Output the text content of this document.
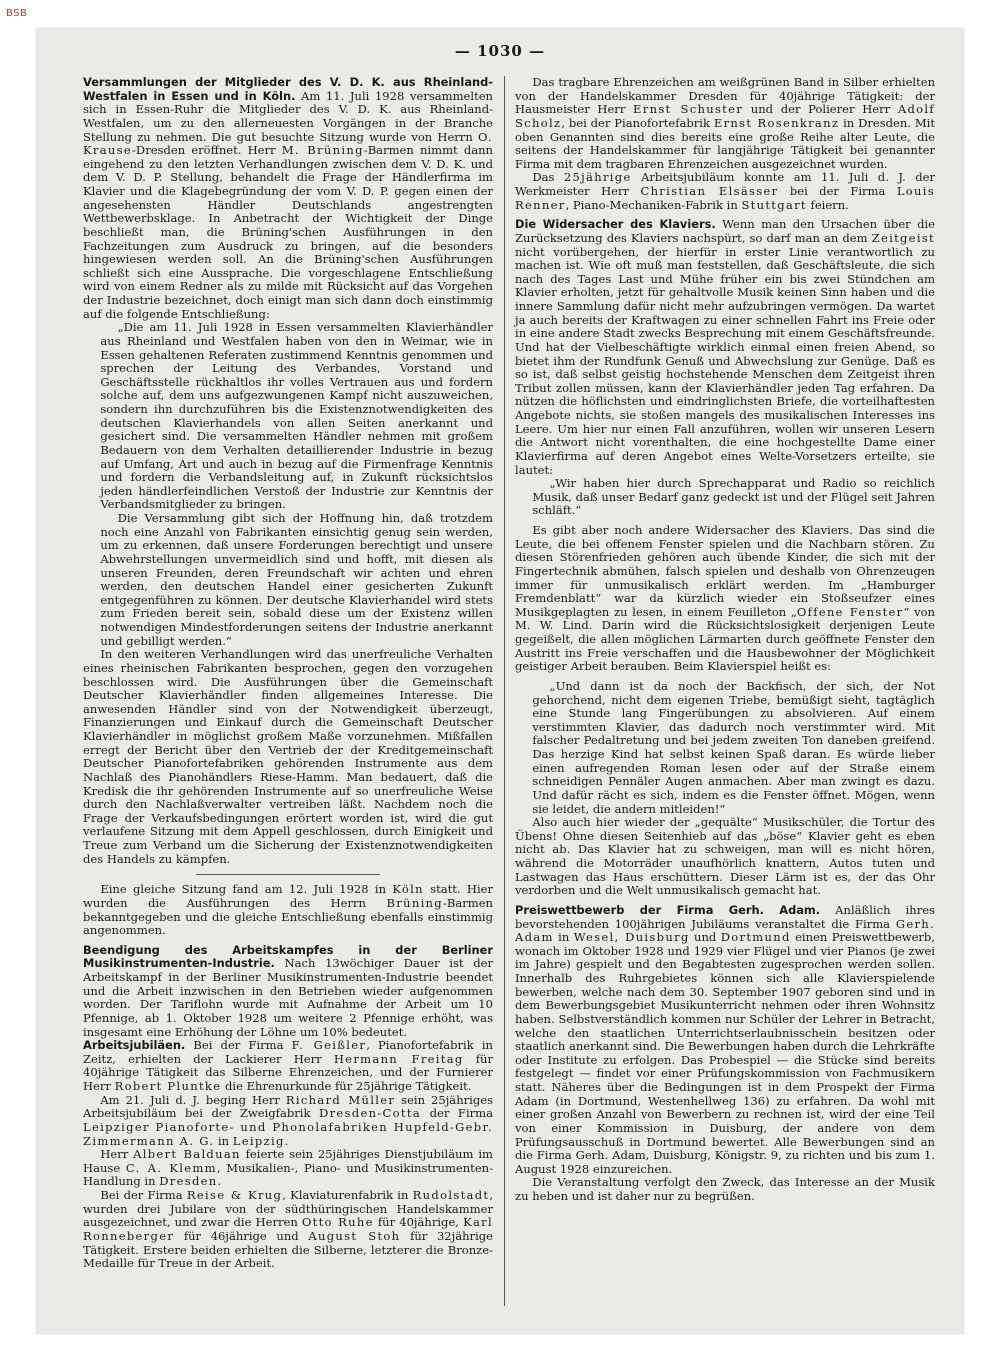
BSB
— 1030 —

Versammlungen der Mitglieder des V. D. K. aus Rheinland-Westfalen in Essen und in Köln. Am 11. Juli 1928 versammelten sich in Essen-Ruhr die Mitglieder des V. D. K. aus Rheinland-Westfalen, um zu den allerneuesten Vorgängen in der Branche Stellung zu nehmen. Die gut besuchte Sitzung wurde von Herrn O. Krause-Dresden eröffnet. Herr M. Brüning-Barmen nimmt dann eingehend zu den letzten Verhandlungen zwischen dem V. D. K. und dem V. D. P. Stellung, behandelt die Frage der Händlerfirma im Klavier und die Klagebegründung der vom V. D. P. gegen einen der angesehensten Händler Deutschlands angestrengten Wettbewerbsklage. In Anbetracht der Wichtigkeit der Dinge beschließt man, die Brüning'schen Ausführungen in den Fachzeitungen zum Ausdruck zu bringen, auf die besonders hingewiesen werden soll. An die Brüning'schen Ausführungen schließt sich eine Aussprache. Die vorgeschlagene Entschließung wird von einem Redner als zu milde mit Rücksicht auf das Vorgehen der Industrie bezeichnet, doch einigt man sich dann doch einstimmig auf die folgende Entschließung:

„Die am 11. Juli 1928 in Essen versammelten Klavierhändler aus Rheinland und Westfalen haben von den in Weimar, wie in Essen gehaltenen Referaten zustimmend Kenntnis genommen und sprechen der Leitung des Verbandes, Vorstand und Geschäftsstelle rückhaltlos ihr volles Vertrauen aus und fordern solche auf, dem uns aufgezwungenen Kampf nicht auszuweichen, sondern ihn durchzuführen bis die Existenznotwendigkeiten des deutschen Klavierhandels von allen Seiten anerkannt und gesichert sind. Die versammelten Händler nehmen mit großem Bedauern von dem Verhalten detaillierender Industrie in bezug auf Umfang, Art und auch in bezug auf die Firmenfrage Kenntnis und fordern die Verbandsleitung auf, in Zukunft rücksichtslos jeden händlerfeindlichen Verstoß der Industrie zur Kenntnis der Verbandsmitglieder zu bringen.

Die Versammlung gibt sich der Hoffnung hin, daß trotzdem noch eine Anzahl von Fabrikanten einsichtig genug sein werden, um zu erkennen, daß unsere Forderungen berechtigt und unsere Abwehrstellungen unvermeidlich sind und hofft, mit diesen als unseren Freunden, deren Freundschaft wir achten und ehren werden, den deutschen Handel einer gesicherten Zukunft entgegenführen zu können. Der deutsche Klavierhandel wird stets zum Frieden bereit sein, sobald diese um der Existenz willen notwendigen Mindestforderungen seitens der Industrie anerkannt und gebilligt werden.“

In den weiteren Verhandlungen wird das unerfreuliche Verhalten eines rheinischen Fabrikanten besprochen, gegen den vorzugehen beschlossen wird. Die Ausführungen über die Gemeinschaft Deutscher Klavierhändler finden allgemeines Interesse. Die anwesenden Händler sind von der Notwendigkeit überzeugt, Finanzierungen und Einkauf durch die Gemeinschaft Deutscher Klavierhändler in möglichst großem Maße vorzunehmen. Mißfallen erregt der Bericht über den Vertrieb der der Kreditgemeinschaft Deutscher Pianofortefabriken gehörenden Instrumente aus dem Nachlaß des Pianohändlers Riese-Hamm. Man bedauert, daß die Kredisk die ihr gehörenden Instrumente auf so unerfreuliche Weise durch den Nachlaßverwalter vertreiben läßt. Nachdem noch die Frage der Verkaufsbedingungen erörtert worden ist, wird die gut verlaufene Sitzung mit dem Appell geschlossen, durch Einigkeit und Treue zum Verband um die Sicherung der Existenznotwendigkeiten des Handels zu kämpfen.

Eine gleiche Sitzung fand am 12. Juli 1928 in Köln statt. Hier wurden die Ausführungen des Herrn Brüning-Barmen bekanntgegeben und die gleiche Entschließung ebenfalls einstimmig angenommen.

Beendigung des Arbeitskampfes in der Berliner Musikinstrumenten-Industrie. Nach 13wöchiger Dauer ist der Arbeitskampf in der Berliner Musikinstrumenten-Industrie beendet und die Arbeit inzwischen in den Betrieben wieder aufgenommen worden. Der Tariflohn wurde mit Aufnahme der Arbeit um 10 Pfennige, ab 1. Oktober 1928 um weitere 2 Pfennige erhöht, was insgesamt eine Erhöhung der Löhne um 10% bedeutet.

Arbeitsjubiläen. Bei der Firma F. Geißler, Pianofortefabrik in Zeitz, erhielten der Lackierer Herr Hermann Freitag für 40jährige Tätigkeit das Silberne Ehrenzeichen, und der Furnierer Herr Robert Pluntke die Ehrenurkunde für 25jährige Tätigkeit.

Am 21. Juli d. J. beging Herr Richard Müller sein 25jähriges Arbeitsjubiläum bei der Zweigfabrik Dresden-Cotta der Firma Leipziger Pianoforte- und Phonolafabriken Hupfeld-Gebr. Zimmermann A. G. in Leipzig.

Herr Albert Balduan feierte sein 25jähriges Dienstjubiläum im Hause C. A. Klemm, Musikalien-, Piano- und Musikinstrumenten-Handlung in Dresden.

Bei der Firma Reise & Krug, Klaviaturenfabrik in Rudolstadt, wurden drei Jubilare von der südthüringischen Handelskammer ausgezeichnet, und zwar die Herren Otto Ruhe für 40jährige, Karl Ronneberger für 46jährige und August Stoh für 32jährige Tätigkeit. Erstere beiden erhielten die Silberne, letzterer die Bronze-Medaille für Treue in der Arbeit.

Das tragbare Ehrenzeichen am weißgrünen Band in Silber erhielten von der Handelskammer Dresden für 40jährige Tätigkeit: der Hausmeister Herr Ernst Schuster und der Polierer Herr Adolf Scholz, bei der Pianofortefabrik Ernst Rosenkranz in Dresden. Mit oben Genannten sind dies bereits eine große Reihe alter Leute, die seitens der Handelskammer für langjährige Tätigkeit bei genannter Firma mit dem tragbaren Ehrenzeichen ausgezeichnet wurden.

Das 25jährige Arbeitsjubiläum konnte am 11. Juli d. J. der Werkmeister Herr Christian Elsässer bei der Firma Louis Renner, Piano-Mechaniken-Fabrik in Stuttgart feiern.

Die Widersacher des Klaviers. Wenn man den Ursachen über die Zurücksetzung des Klaviers nachspürt, so darf man an dem Zeitgeist nicht vorübergehen, der hierfür in erster Linie verantwortlich zu machen ist. Wie oft muß man feststellen, daß Geschäftsleute, die sich nach des Tages Last und Mühe früher ein bis zwei Stündchen am Klavier erholten, jetzt für gehaltvolle Musik keinen Sinn haben und die innere Sammlung dafür nicht mehr aufzubringen vermögen. Da wartet ja auch bereits der Kraftwagen zu einer schnellen Fahrt ins Freie oder in eine andere Stadt zwecks Besprechung mit einem Geschäftsfreunde. Und hat der Vielbeschäftigte wirklich einmal einen freien Abend, so bietet ihm der Rundfunk Genuß und Abwechslung zur Genüge. Daß es so ist, daß selbst geistig hochstehende Menschen dem Zeitgeist ihren Tribut zollen müssen, kann der Klavierhändler jeden Tag erfahren. Da nützen die höflichsten und eindringlichsten Briefe, die vorteilhaftesten Angebote nichts, sie stoßen mangels des musikalischen Interesses ins Leere. Um hier nur einen Fall anzuführen, wollen wir unseren Lesern die Antwort nicht vorenthalten, die eine hochgestellte Dame einer Klavierfirma auf deren Angebot eines Welte-Vorsetzers erteilte, sie lautet:

„Wir haben hier durch Sprechapparat und Radio so reichlich Musik, daß unser Bedarf ganz gedeckt ist und der Flügel seit Jahren schläft.“

Es gibt aber noch andere Widersacher des Klaviers. Das sind die Leute, die bei offenem Fenster spielen und die Nachbarn stören. Zu diesen Störenfrieden gehören auch übende Kinder, die sich mit der Fingertechnik abmühen, falsch spielen und deshalb von Ohrenzeugen immer für unmusikalisch erklärt werden. Im „Hamburger Fremdenblatt“ war da kürzlich wieder ein Stoßseufzer eines Musikgeplagten zu lesen, in einem Feuilleton „Offene Fenster“ von M. W. Lind. Darin wird die Rücksichtslosigkeit derjenigen Leute gegeißelt, die allen möglichen Lärmarten durch geöffnete Fenster den Austritt ins Freie verschaffen und die Hausbewohner der Möglichkeit geistiger Arbeit berauben. Beim Klavierspiel heißt es:

„Und dann ist da noch der Backfisch, der sich, der Not gehorchend, nicht dem eigenen Triebe, bemüßigt sieht, tagtäglich eine Stunde lang Fingerübungen zu absolvieren. Auf einem verstimmten Klavier, das dadurch noch verstimmter wird. Mit falscher Pedaltretung und bei jedem zweiten Ton daneben greifend. Das herzige Kind hat selbst keinen Spaß daran. Es würde lieber einen aufregenden Roman lesen oder auf der Straße einem schneidigen Pennäler Augen anmachen. Aber man zwingt es dazu. Und dafür rächt es sich, indem es die Fenster öffnet. Mögen, wenn sie leidet, die andern mitleiden!“

Also auch hier wieder der „gequälte“ Musikschüler, die Tortur des Übens! Ohne diesen Seitenhieb auf das „böse“ Klavier geht es eben nicht ab. Das Klavier hat zu schweigen, man will es nicht hören, während die Motorräder unaufhörlich knattern, Autos tuten und Lastwagen das Haus erschüttern. Dieser Lärm ist es, der das Ohr verdorben und die Welt unmusikalisch gemacht hat.

Preiswettbewerb der Firma Gerh. Adam. Anläßlich ihres bevorstehenden 100jährigen Jubiläums veranstaltet die Firma Gerh. Adam in Wesel, Duisburg und Dortmund einen Preiswettbewerb, wonach im Oktober 1928 und 1929 vier Flügel und vier Pianos (je zwei im Jahre) gespielt und den Begabtesten zugesprochen werden sollen. Innerhalb des Ruhrgebietes können sich alle Klavierspielende bewerben, welche nach dem 30. September 1907 geboren sind und in dem Bewerbungsgebiet Musikunterricht nehmen oder ihren Wohnsitz haben. Selbstverständlich kommen nur Schüler der Lehrer in Betracht, welche den staatlichen Unterrichtserlaubnisschein besitzen oder staatlich anerkannt sind. Die Bewerbungen haben durch die Lehrkräfte oder Institute zu erfolgen. Das Probespiel — die Stücke sind bereits festgelegt — findet vor einer Prüfungskommission von Fachmusikern statt. Näheres über die Bedingungen ist in dem Prospekt der Firma Adam (in Dortmund, Westenhellweg 136) zu erfahren. Da wohl mit einer großen Anzahl von Bewerbern zu rechnen ist, wird der eine Teil von einer Kommission in Duisburg, der andere von dem Prüfungsausschuß in Dortmund bewertet. Alle Bewerbungen sind an die Firma Gerh. Adam, Duisburg, Königstr. 9, zu richten und bis zum 1. August 1928 einzureichen.

Die Veranstaltung verfolgt den Zweck, das Interesse an der Musik zu heben und ist daher nur zu begrüßen.
